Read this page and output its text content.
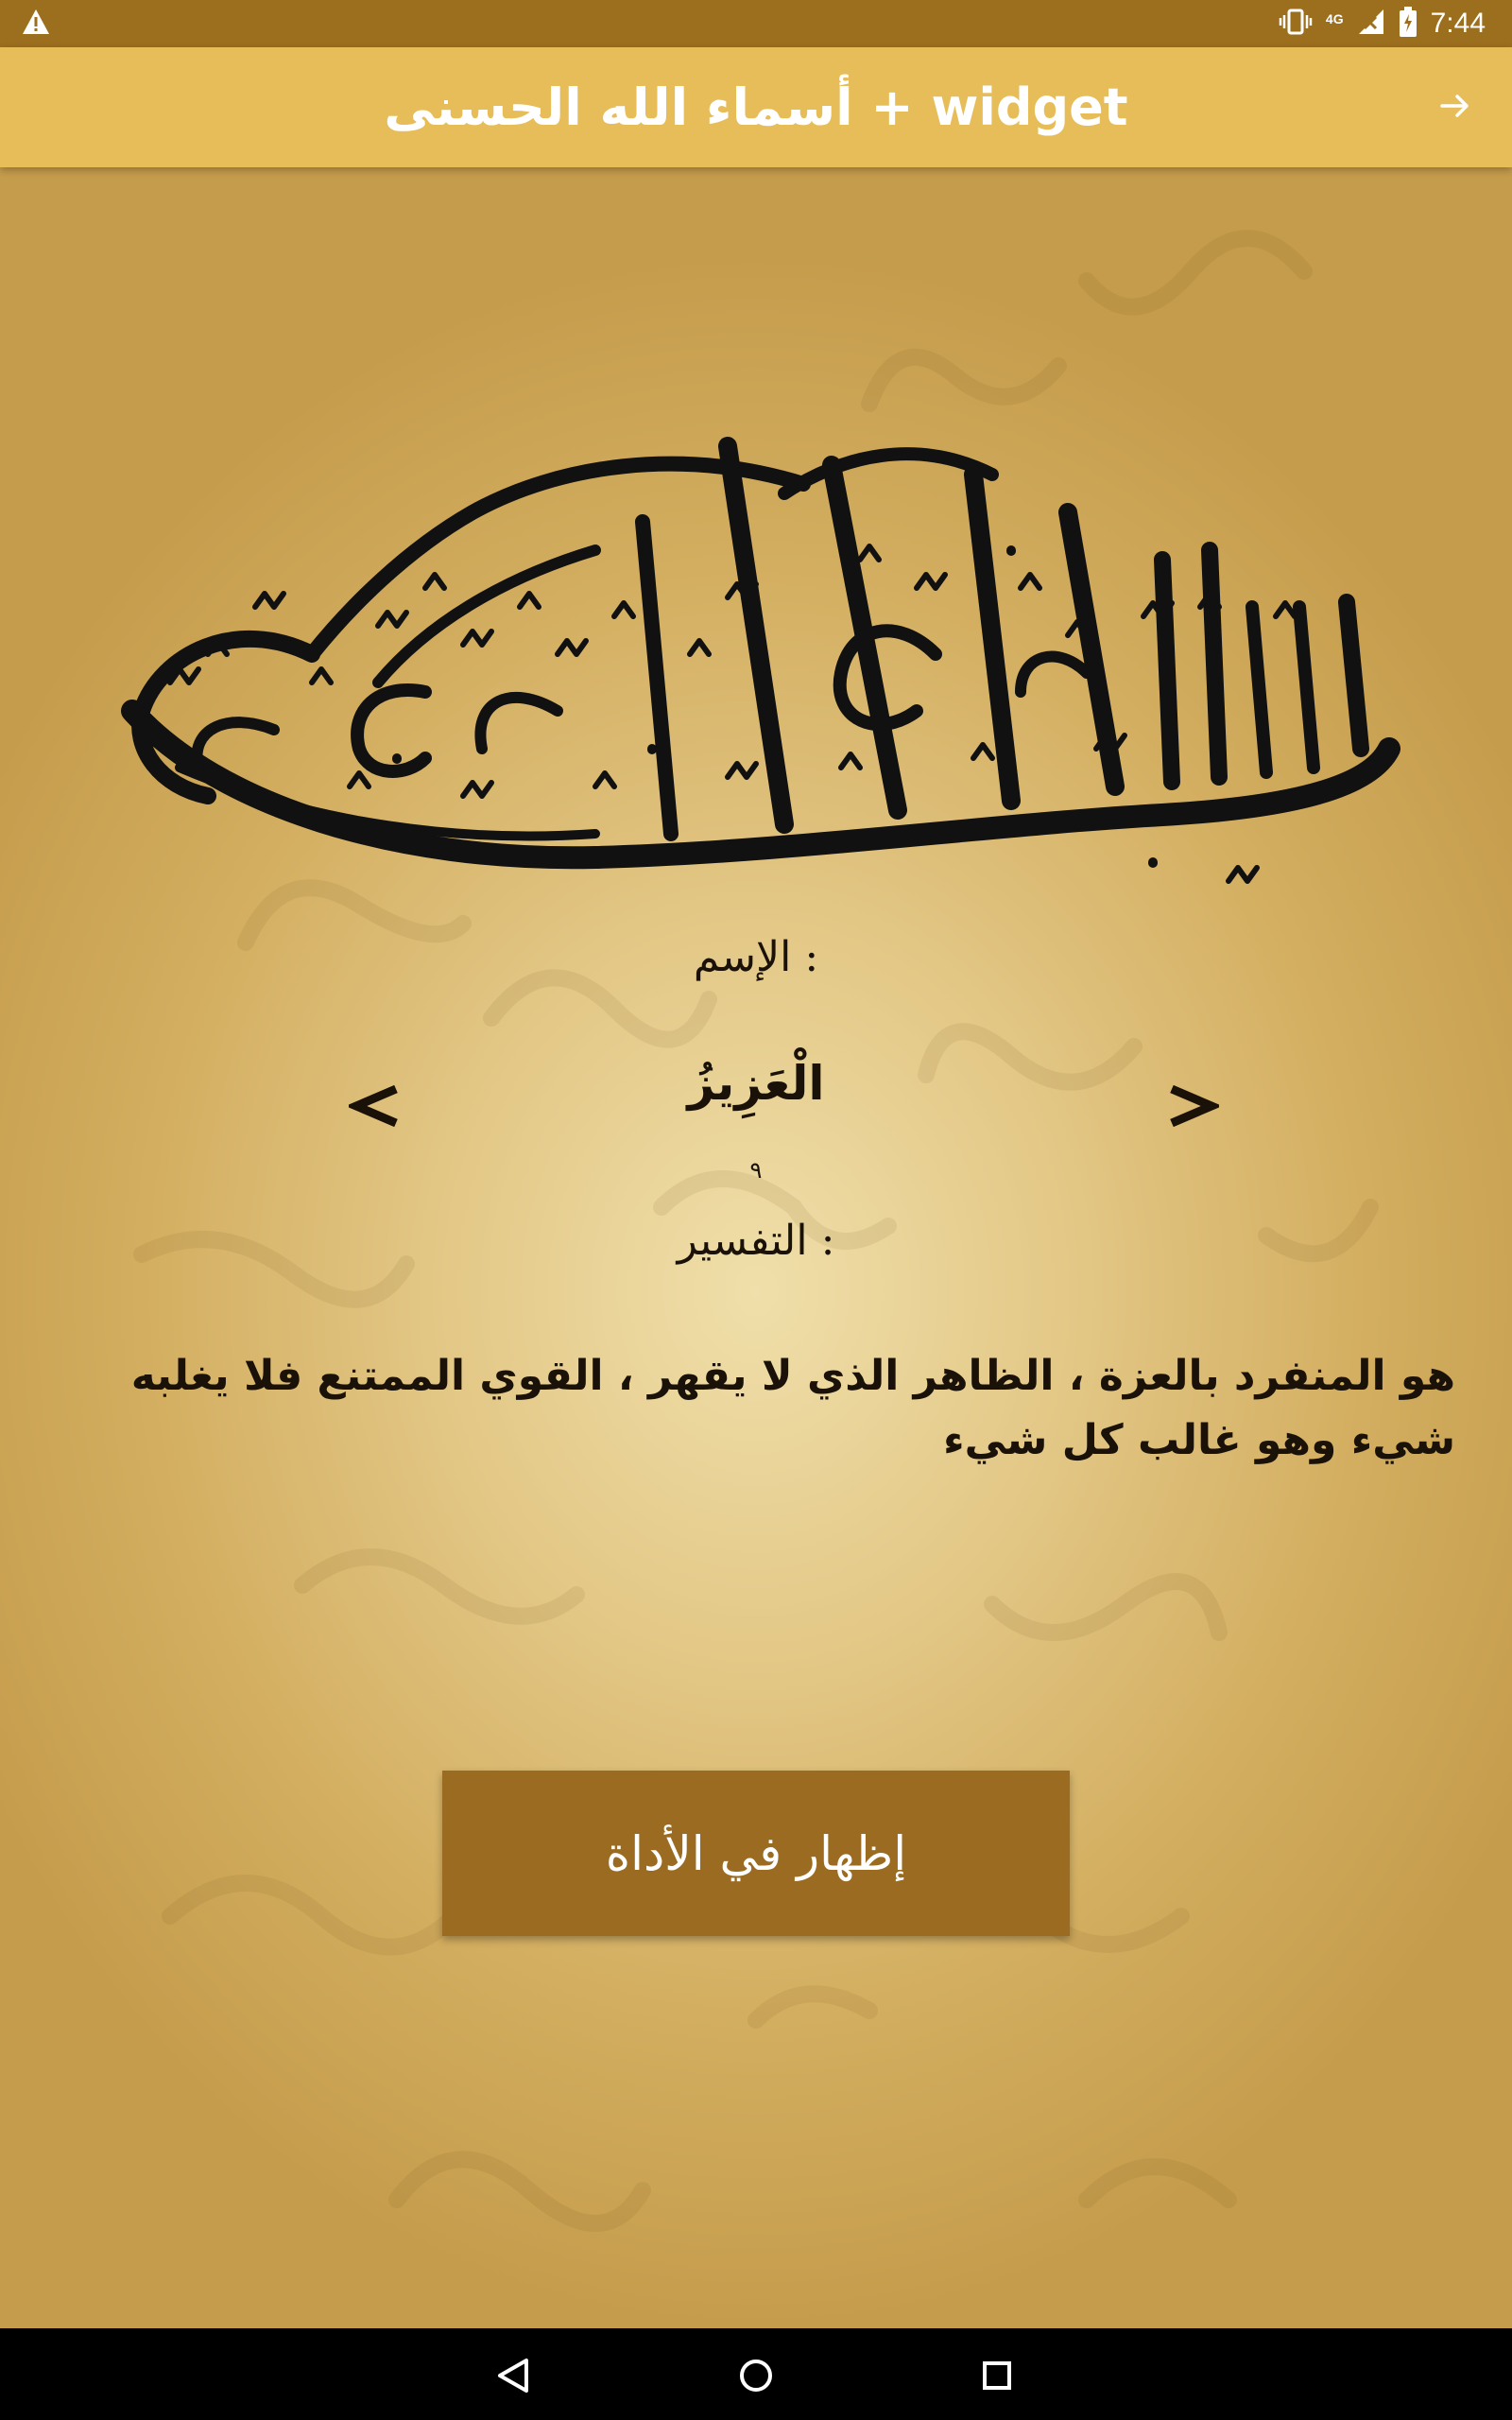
4G	7:44
أسماء الله الحسنى + widget
الإسم :
الْعَزِيزُ
٩
التفسير :
هو المنفرد بالعزة ، الظاهر الذي لا يقهر ، القوي الممتنع فلا يغلبه شيء وهو غالب كل شيء
إظهار في الأداة
